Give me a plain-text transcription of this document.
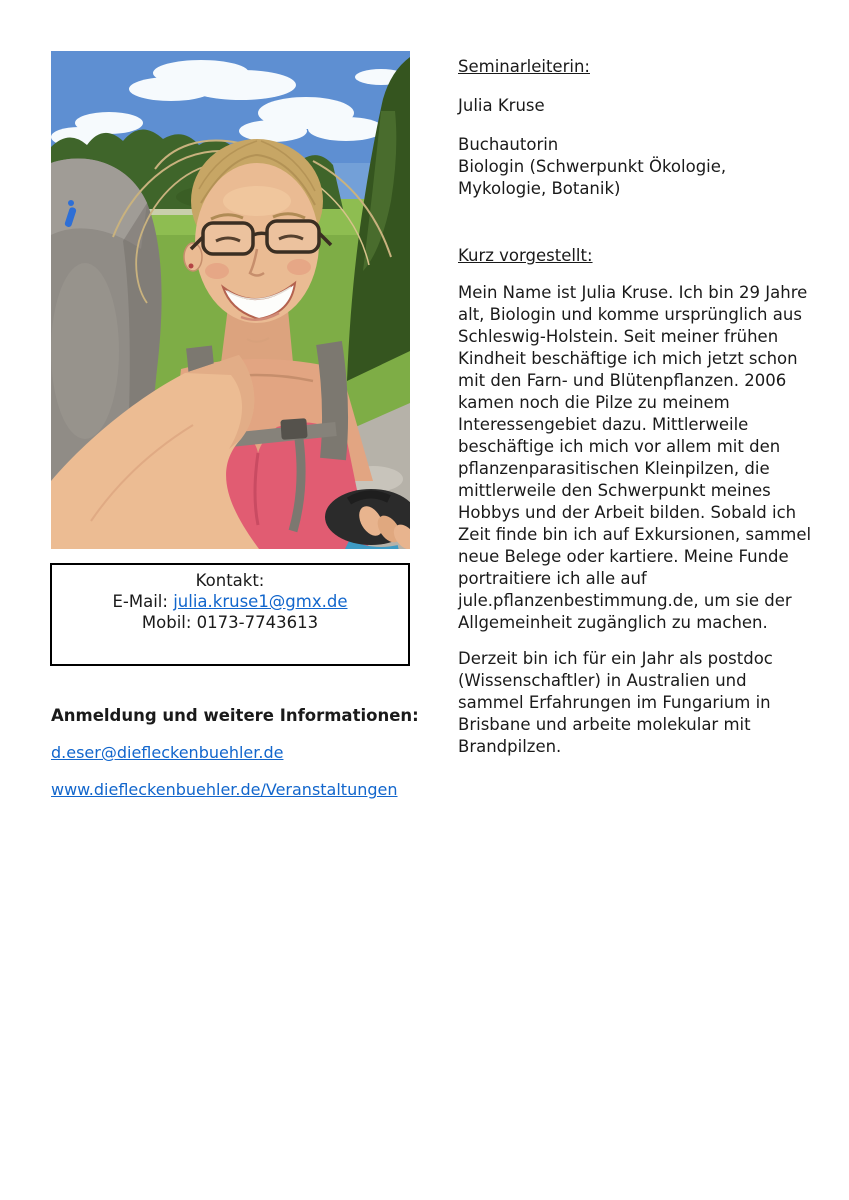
Kontakt:
E-Mail: julia.kruse1@gmx.de
Mobil: 0173-7743613
Anmeldung und weitere Informationen:
d.eser@diefleckenbuehler.de
www.diefleckenbuehler.de/Veranstaltungen
Seminarleiterin:

Julia Kruse

Buchautorin

Biologin (Schwerpunkt Ökologie, Mykologie, Botanik)

Kurz vorgestellt:

Mein Name ist Julia Kruse. Ich bin 29 Jahre alt, Biologin und komme ursprünglich aus Schleswig-Holstein. Seit meiner frühen Kindheit beschäftige ich mich jetzt schon mit den Farn- und Blütenpflanzen. 2006 kamen noch die Pilze zu meinem Interessengebiet dazu. Mittlerweile beschäftige ich mich vor allem mit den pflanzenparasitischen Kleinpilzen, die mittlerweile den Schwerpunkt meines Hobbys und der Arbeit bilden. Sobald ich Zeit finde bin ich auf Exkursionen, sammel neue Belege oder kartiere. Meine Funde portraitiere ich alle auf jule.pflanzenbestimmung.de, um sie der Allgemeinheit zugänglich zu machen.

Derzeit bin ich für ein Jahr als postdoc (Wissenschaftler) in Australien und sammel Erfahrungen im Fungarium in Brisbane und arbeite molekular mit Brandpilzen.
